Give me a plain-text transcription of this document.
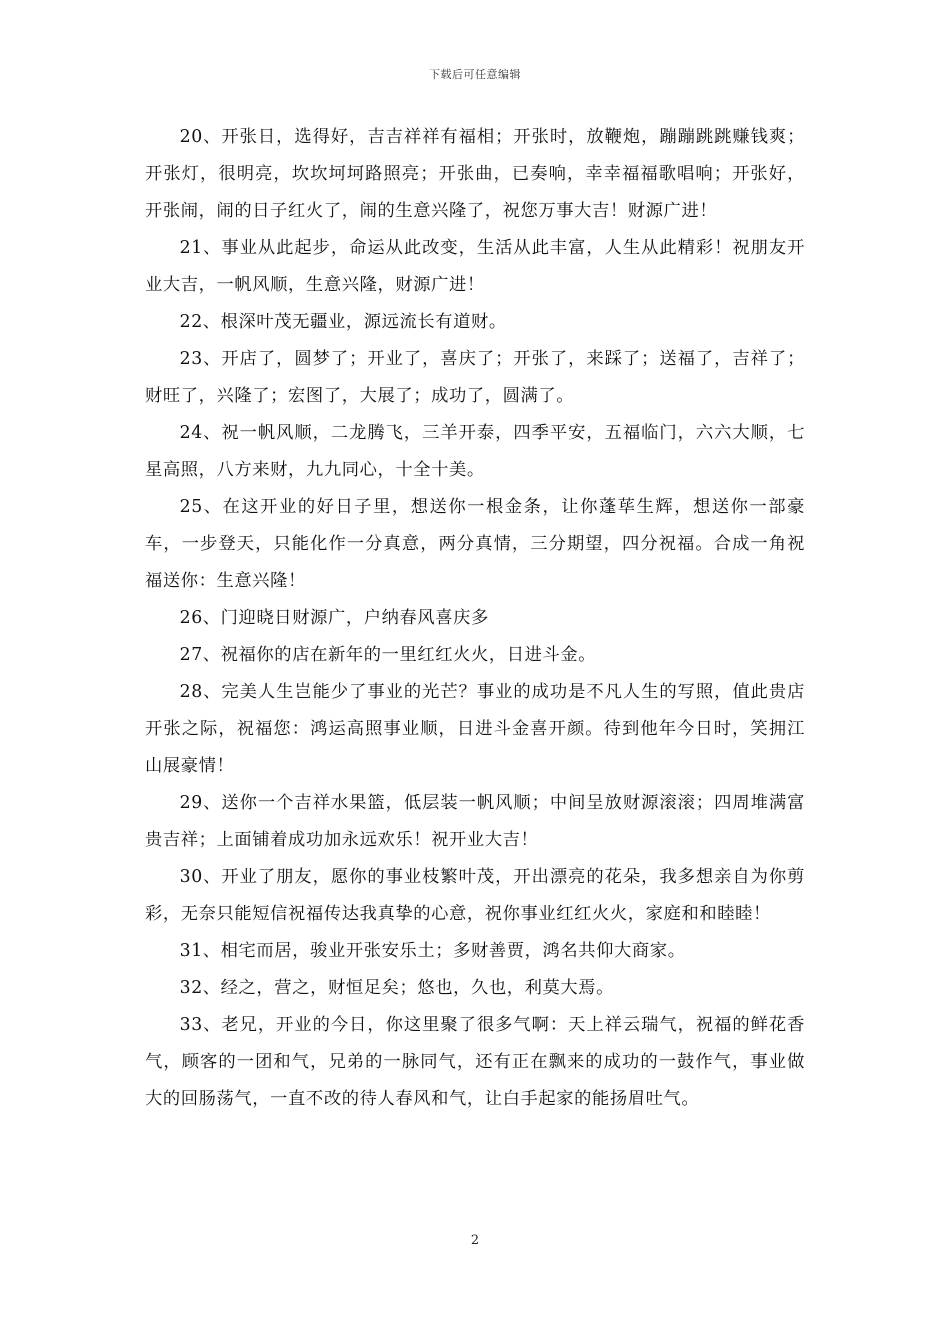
下载后可任意编辑

20、开张日，选得好，吉吉祥祥有福相；开张时，放鞭炮，蹦蹦跳跳赚钱爽；开张灯，很明亮，坎坎坷坷路照亮；开张曲，已奏响，幸幸福福歌唱响；开张好，开张闹，闹的日子红火了，闹的生意兴隆了，祝您万事大吉！财源广进！

21、事业从此起步，命运从此改变，生活从此丰富，人生从此精彩！祝朋友开业大吉，一帆风顺，生意兴隆，财源广进！

22、根深叶茂无疆业，源远流长有道财。

23、开店了，圆梦了；开业了，喜庆了；开张了，来踩了；送福了，吉祥了；财旺了，兴隆了；宏图了，大展了；成功了，圆满了。

24、祝一帆风顺，二龙腾飞，三羊开泰，四季平安，五福临门，六六大顺，七星高照，八方来财，九九同心，十全十美。

25、在这开业的好日子里，想送你一根金条，让你蓬荜生辉，想送你一部豪车，一步登天，只能化作一分真意，两分真情，三分期望，四分祝福。合成一角祝福送你：生意兴隆！

26、门迎晓日财源广，户纳春风喜庆多

27、祝福你的店在新年的一里红红火火，日进斗金。

28、完美人生岂能少了事业的光芒？事业的成功是不凡人生的写照，值此贵店开张之际，祝福您：鸿运高照事业顺，日进斗金喜开颜。待到他年今日时，笑拥江山展豪情！

29、送你一个吉祥水果篮，低层装一帆风顺；中间呈放财源滚滚；四周堆满富贵吉祥；上面铺着成功加永远欢乐！祝开业大吉！

30、开业了朋友，愿你的事业枝繁叶茂，开出漂亮的花朵，我多想亲自为你剪彩，无奈只能短信祝福传达我真挚的心意，祝你事业红红火火，家庭和和睦睦！

31、相宅而居，骏业开张安乐土；多财善贾，鸿名共仰大商家。

32、经之，营之，财恒足矣；悠也，久也，利莫大焉。

33、老兄，开业的今日，你这里聚了很多气啊：天上祥云瑞气，祝福的鲜花香气，顾客的一团和气，兄弟的一脉同气，还有正在飘来的成功的一鼓作气，事业做大的回肠荡气，一直不改的待人春风和气，让白手起家的能扬眉吐气。

2
